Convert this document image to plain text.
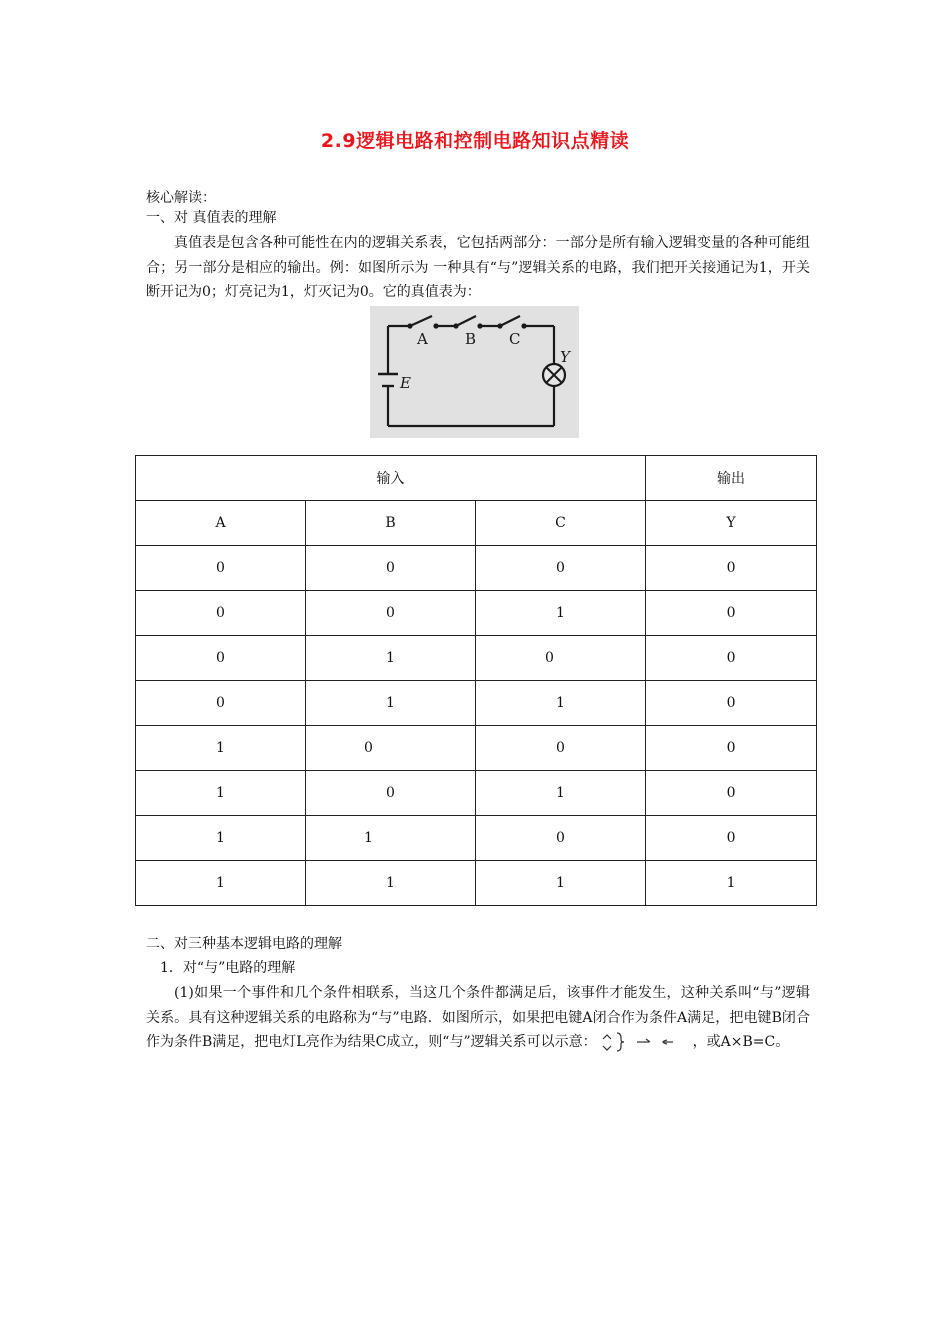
2.9逻辑电路和控制电路知识点精读
核心解读：
一、对 真值表的理解
真值表是包含各种可能性在内的逻辑关系表，它包括两部分：一部分是所有输入逻辑变量的各种可能组合；另一部分是相应的输出。例：如图所示为 一种具有“与”逻辑关系的电路，我们把开关接通记为1，开关断开记为0；灯亮记为1，灯灭记为0。它的真值表为：
A B C
E
Y
输入			输出
A	B	C	Y
0	0	0	0
0	0	1	0
0	1	0	0
0	1	1	0
1	0	0	0
1	0	1	0
1	1	0	0
1	1	1	1
二、对三种基本逻辑电路的理解
1．对“与”电路的理解
(1)如果一个事件和几个条件相联系，当这几个条件都满足后，该事件才能发生，这种关系叫“与”逻辑关系。具有这种逻辑关系的电路称为“与”电路．如图所示，如果把电键A闭合作为条件A满足，把电键B闭合作为条件B满足，把电灯L亮作为结果C成立，则“与”逻辑关系可以示意：	，或A×B=C。
